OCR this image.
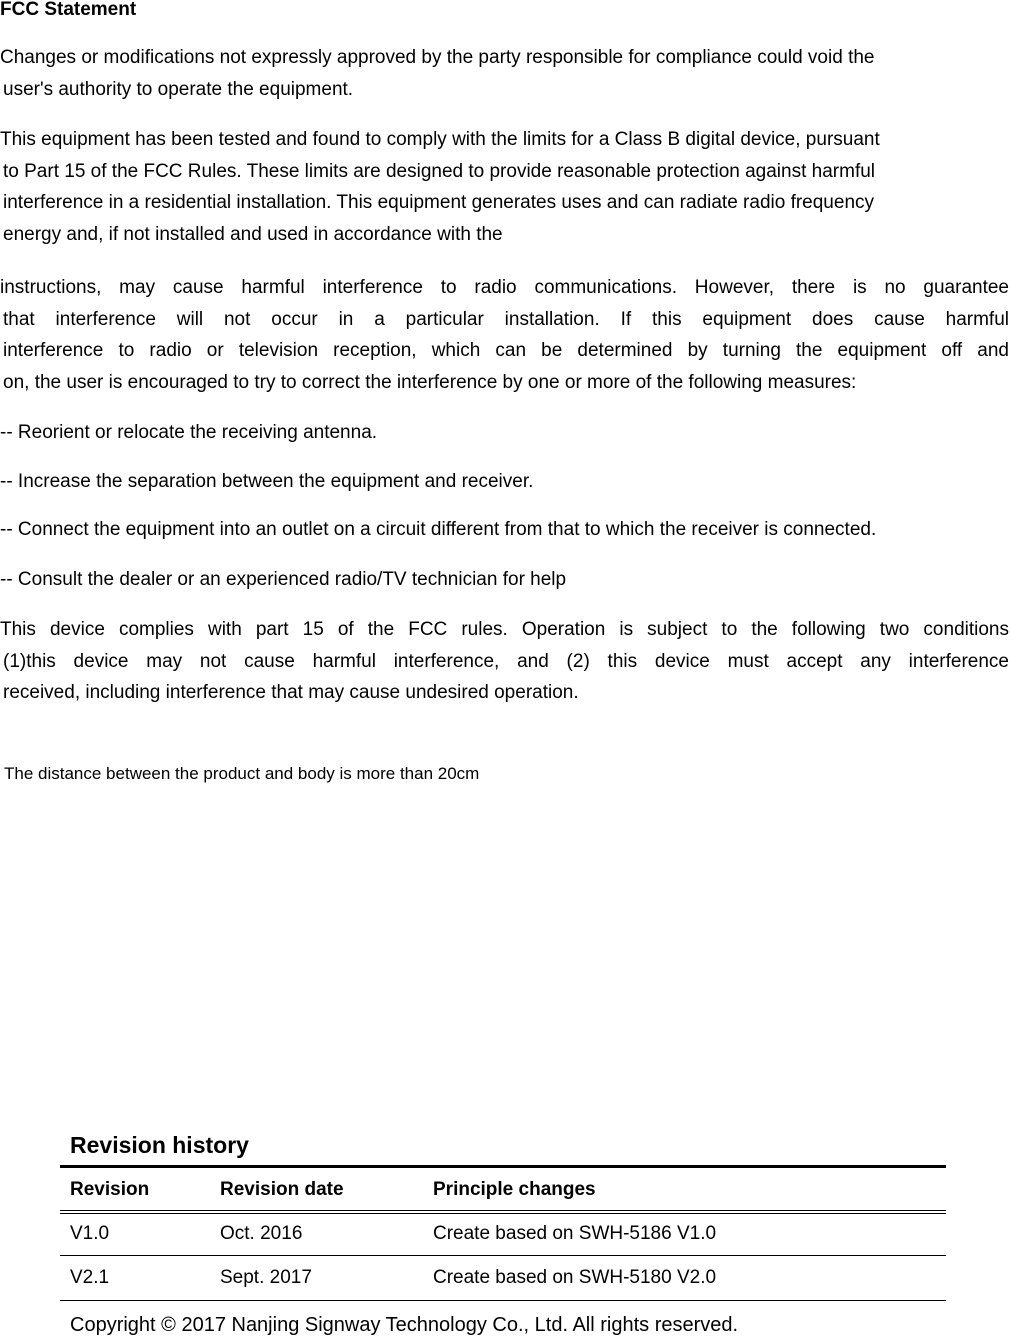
FCC Statement
Changes or modifications not expressly approved by the party responsible for compliance could void the
user's authority to operate the equipment.
This equipment has been tested and found to comply with the limits for a Class B digital device, pursuant
to Part 15 of the FCC Rules. These limits are designed to provide reasonable protection against harmful
interference in a residential installation. This equipment generates uses and can radiate radio frequency
energy and, if not installed and used in accordance with the
instructions, may cause harmful interference to radio communications. However, there is no guarantee
that interference will not occur in a particular installation. If this equipment does cause harmful
interference to radio or television reception, which can be determined by turning the equipment off and
on, the user is encouraged to try to correct the interference by one or more of the following measures:
-- Reorient or relocate the receiving antenna.
-- Increase the separation between the equipment and receiver.
-- Connect the equipment into an outlet on a circuit different from that to which the receiver is connected.
-- Consult the dealer or an experienced radio/TV technician for help
This device complies with part 15 of the FCC rules. Operation is subject to the following two conditions
(1)this device may not cause harmful interference, and (2) this device must accept any interference
received, including interference that may cause undesired operation.
The distance between the product and body is more than 20cm
Revision history
Revision	Revision date	Principle changes
V1.0	Oct. 2016	Create based on SWH-5186 V1.0
V2.1	Sept. 2017	Create based on SWH-5180 V2.0
Copyright © 2017 Nanjing Signway Technology Co., Ltd. All rights reserved.
